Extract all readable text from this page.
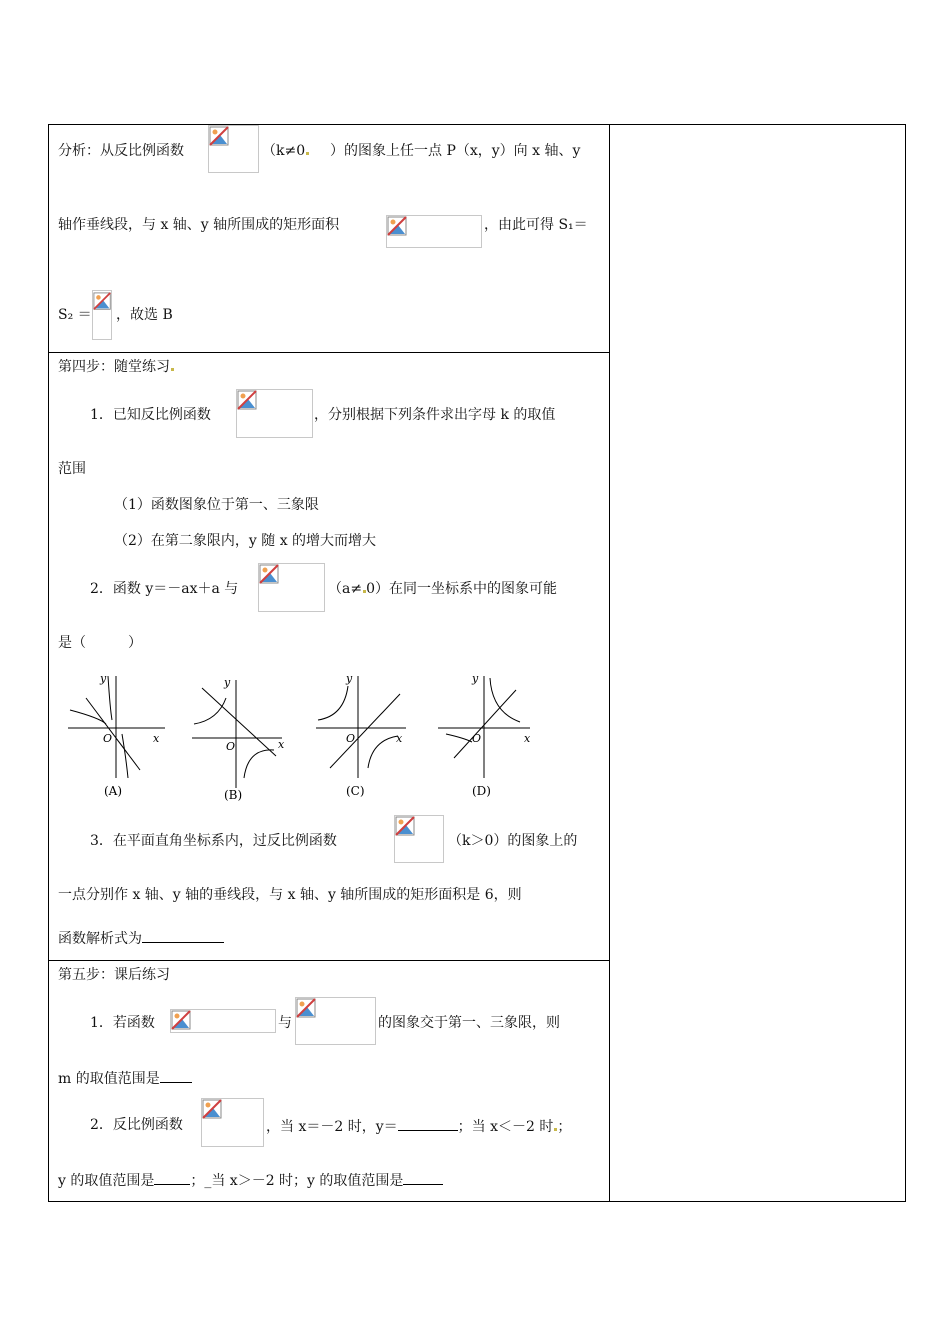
分析：从反比例函数	（k≠0 ）的图象上任一点 P（x，y）向 x 轴、y
轴作垂线段，与 x 轴、y 轴所围成的矩形面积	，由此可得 S₁＝
S₂ ＝ ，故选 B
第四步：随堂练习
1．已知反比例函数	，分别根据下列条件求出字母 k 的取值
范围
（1）函数图象位于第一、三象限
（2）在第二象限内，y 随 x 的增大而增大
2．函数 y＝－ax＋a 与	（a≠ 0）在同一坐标系中的图象可能
是（　　　）
y
x
O
(A)
y
x
O
(B)
y
x
O
(C)
y
x
O
(D)
3．在平面直角坐标系内，过反比例函数	（k＞0）的图象上的
一点分别作 x 轴、y 轴的垂线段，与 x 轴、y 轴所围成的矩形面积是 6，则
函数解析式为
第五步：课后练习
1．若函数	与	的图象交于第一、三象限，则
m 的取值范围是
2．反比例函数	，当 x＝－2 时，y＝	；当 x＜－2 时 ；
y 的取值范围是	；_当 x＞－2 时；y 的取值范围是
